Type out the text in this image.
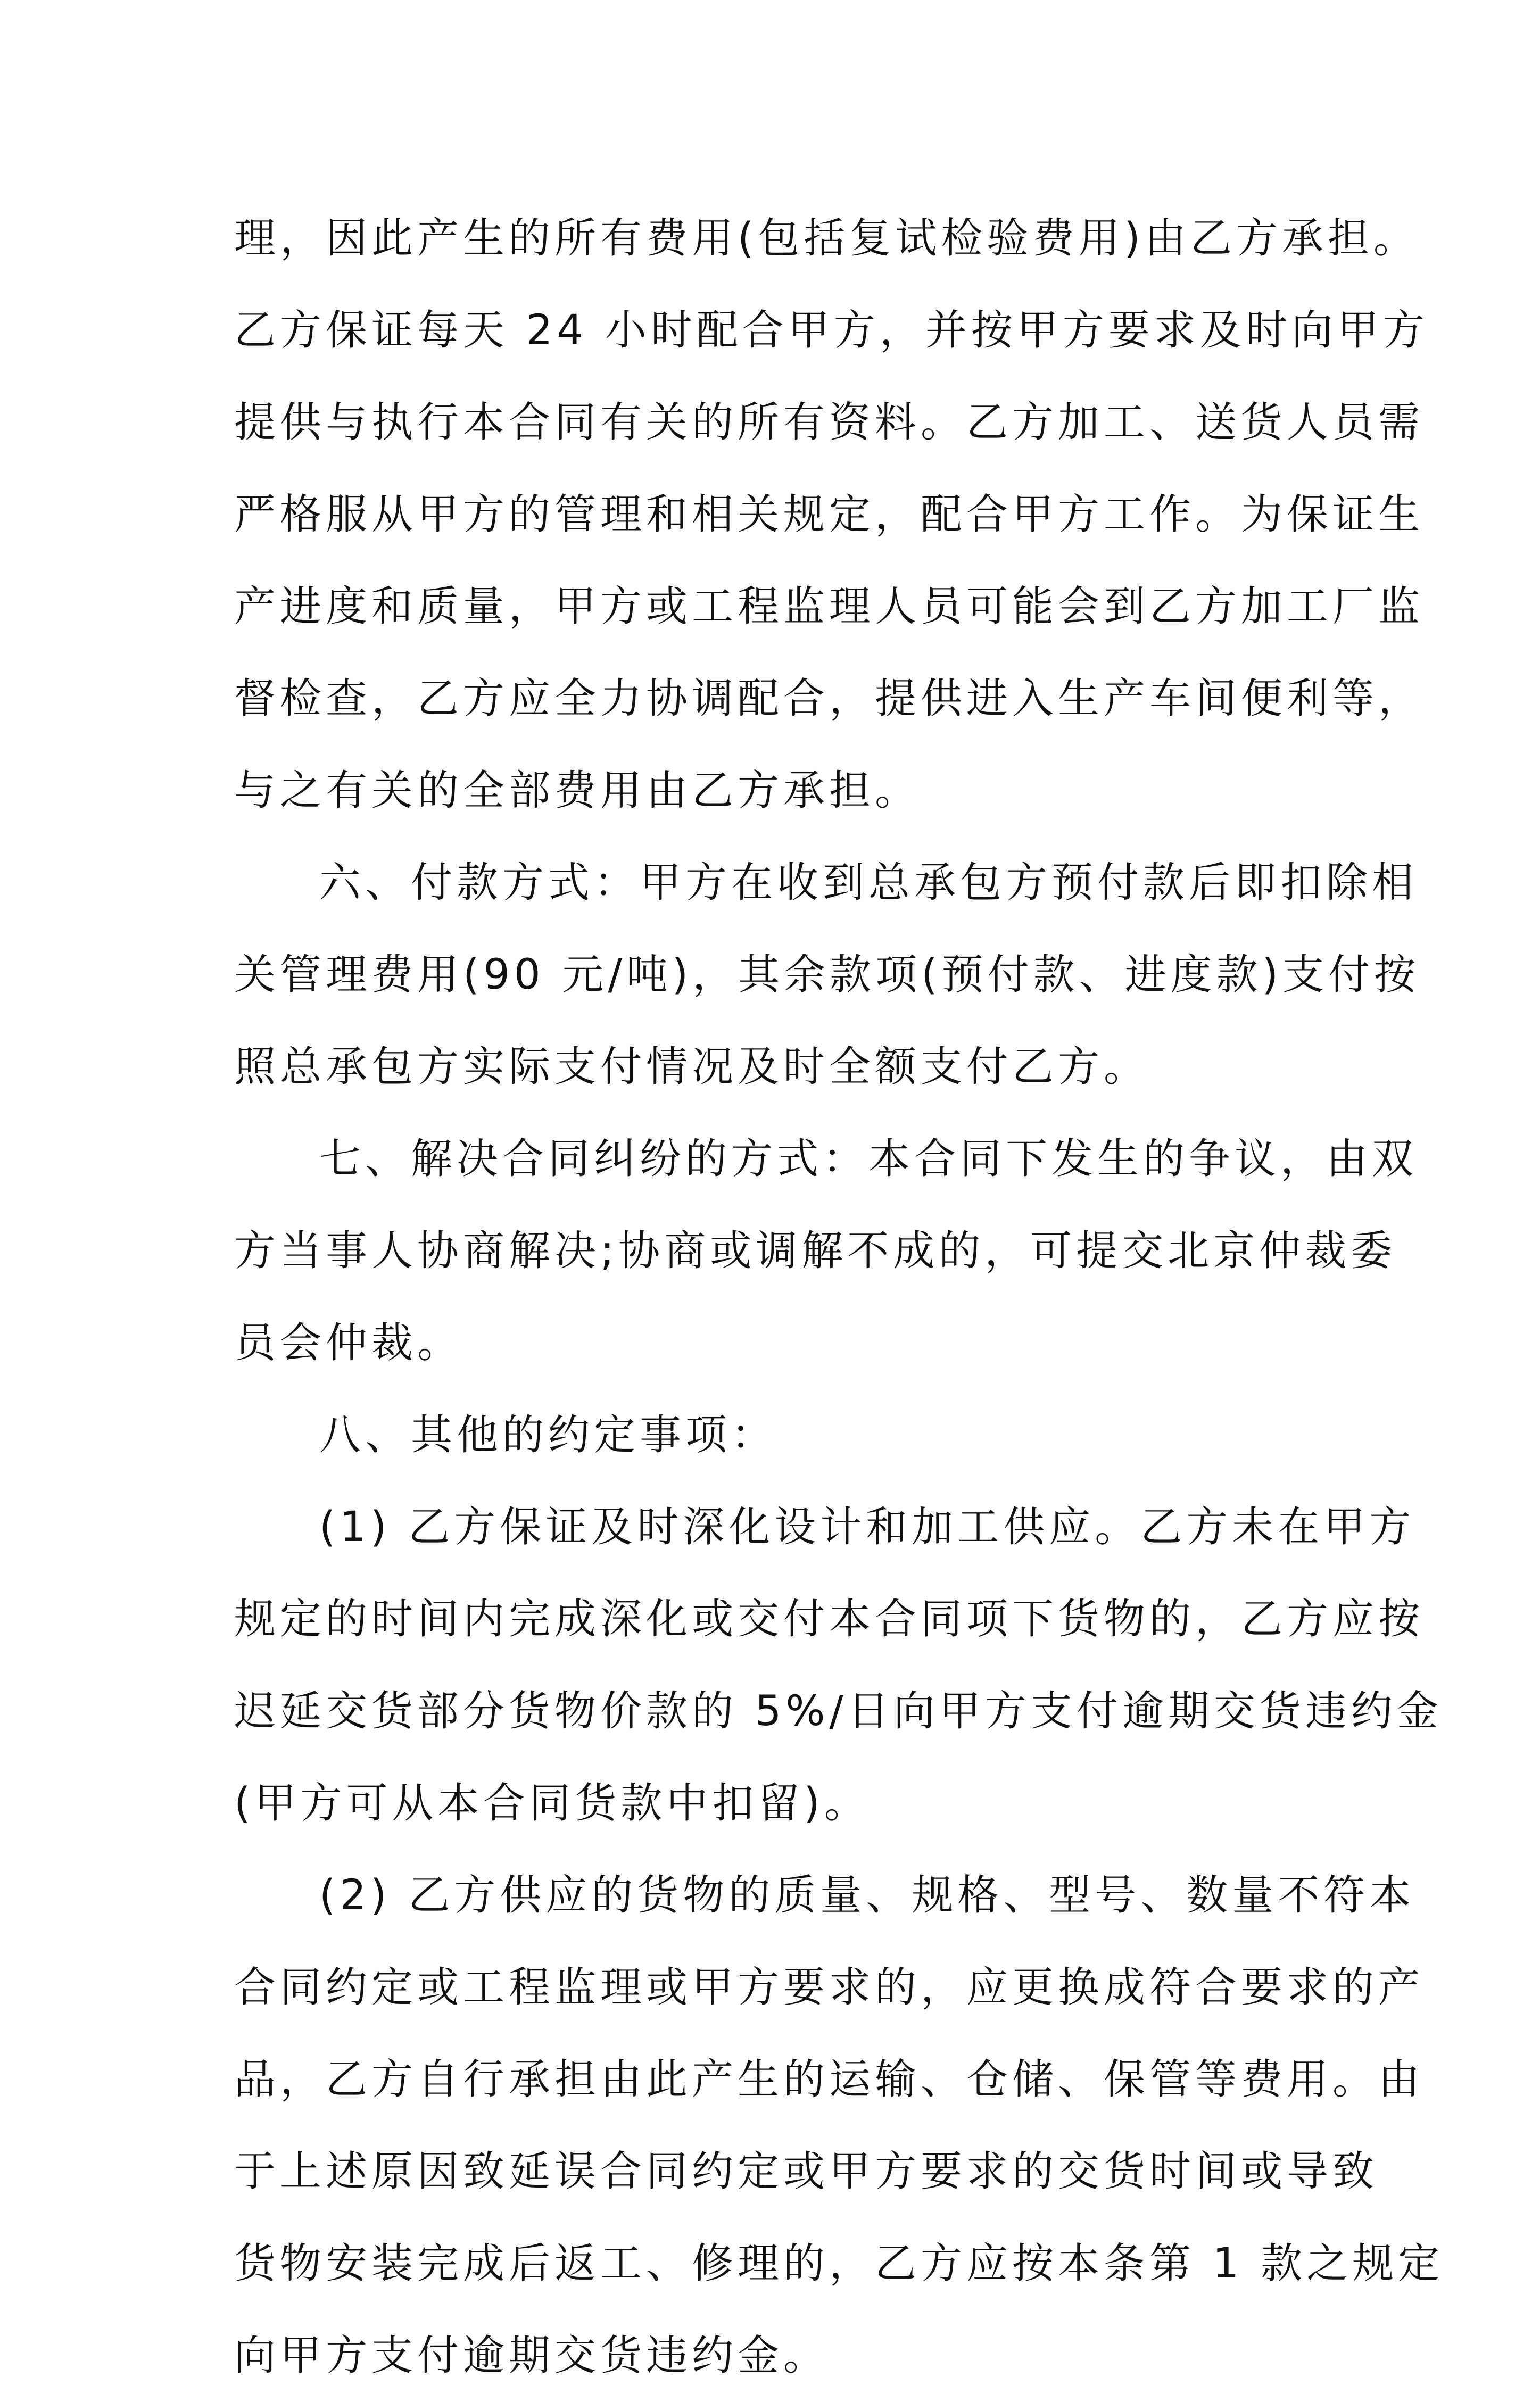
理，因此产生的所有费用(包括复试检验费用)由乙方承担。
乙方保证每天 24 小时配合甲方，并按甲方要求及时向甲方
提供与执行本合同有关的所有资料。乙方加工、送货人员需
严格服从甲方的管理和相关规定，配合甲方工作。为保证生
产进度和质量，甲方或工程监理人员可能会到乙方加工厂监
督检查，乙方应全力协调配合，提供进入生产车间便利等，
与之有关的全部费用由乙方承担。
六、付款方式：甲方在收到总承包方预付款后即扣除相
关管理费用(90 元/吨)，其余款项(预付款、进度款)支付按
照总承包方实际支付情况及时全额支付乙方。
七、解决合同纠纷的方式：本合同下发生的争议，由双
方当事人协商解决;协商或调解不成的，可提交北京仲裁委
员会仲裁。
八、其他的约定事项：
(1) 乙方保证及时深化设计和加工供应。乙方未在甲方
规定的时间内完成深化或交付本合同项下货物的，乙方应按
迟延交货部分货物价款的 5%/日向甲方支付逾期交货违约金
(甲方可从本合同货款中扣留)。
(2) 乙方供应的货物的质量、规格、型号、数量不符本
合同约定或工程监理或甲方要求的，应更换成符合要求的产
品，乙方自行承担由此产生的运输、仓储、保管等费用。由
于上述原因致延误合同约定或甲方要求的交货时间或导致
货物安装完成后返工、修理的，乙方应按本条第 1 款之规定
向甲方支付逾期交货违约金。
